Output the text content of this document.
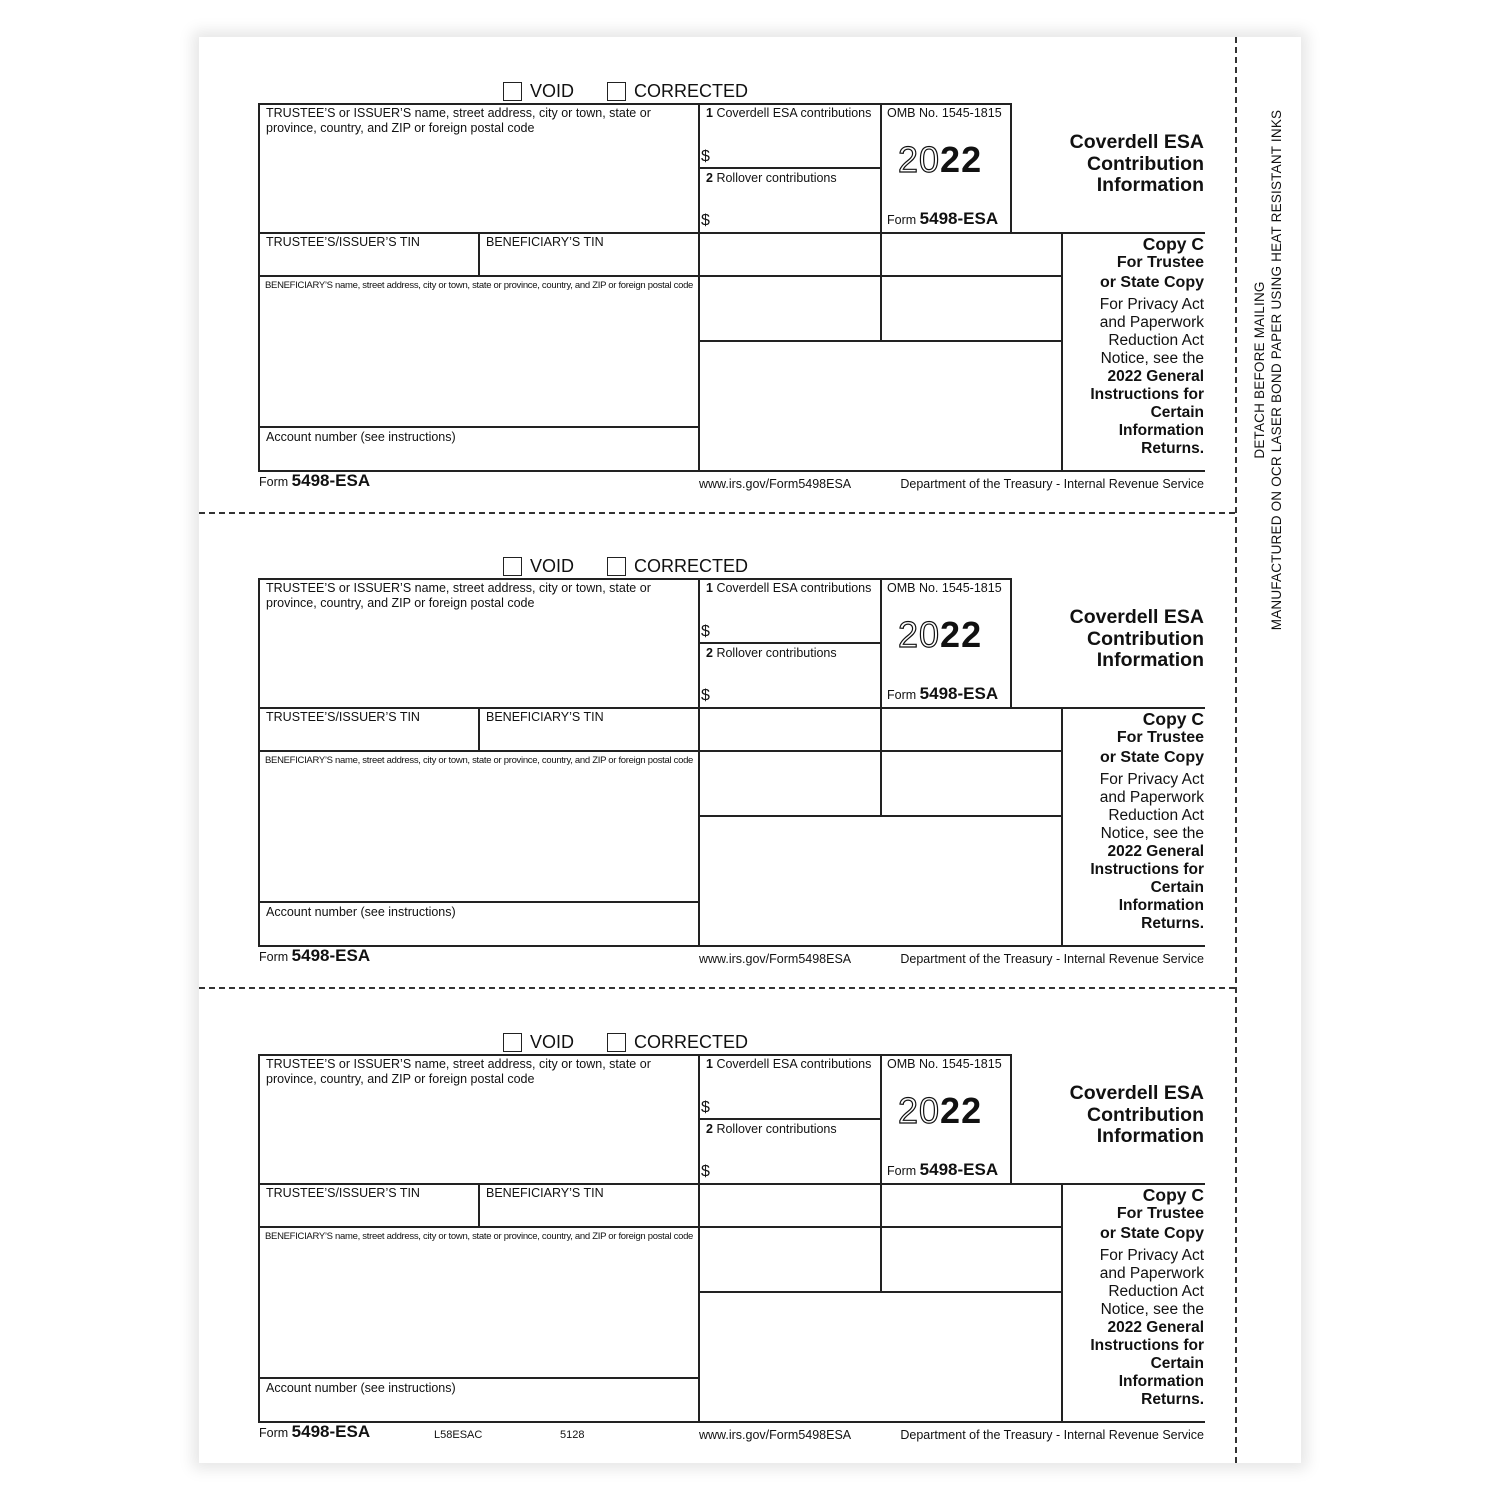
DETACH BEFORE MAILING MANUFACTURED ON OCR LASER BOND PAPER USING HEAT RESISTANT INKS
VOID	CORRECTED
TRUSTEE’S or ISSUER’S name, street address, city or town, state or province, country, and ZIP or foreign postal code
1 Coverdell ESA contributions
$
2 Rollover contributions
$
OMB No. 1545-1815
2022
Form 5498-ESA
Coverdell ESA
Contribution
Information
TRUSTEE’S/ISSUER’S TIN	BENEFICIARY’S TIN
BENEFICIARY’S name, street address, city or town, state or province, country, and ZIP or foreign postal code
Account number (see instructions)
Copy C
For Trustee
or State Copy
For Privacy Act
and Paperwork
Reduction Act
Notice, see the
2022 General
Instructions for
Certain
Information
Returns.
Form 5498-ESA	www.irs.gov/Form5498ESA	Department of the Treasury - Internal Revenue Service
VOID	CORRECTED
TRUSTEE’S or ISSUER’S name, street address, city or town, state or province, country, and ZIP or foreign postal code
1 Coverdell ESA contributions
$
2 Rollover contributions
$
OMB No. 1545-1815
2022
Form 5498-ESA
Coverdell ESA
Contribution
Information
TRUSTEE’S/ISSUER’S TIN	BENEFICIARY’S TIN
BENEFICIARY’S name, street address, city or town, state or province, country, and ZIP or foreign postal code
Account number (see instructions)
Copy C
For Trustee
or State Copy
For Privacy Act
and Paperwork
Reduction Act
Notice, see the
2022 General
Instructions for
Certain
Information
Returns.
Form 5498-ESA	www.irs.gov/Form5498ESA	Department of the Treasury - Internal Revenue Service
L58ESAC	5128
VOID	CORRECTED
TRUSTEE’S or ISSUER’S name, street address, city or town, state or province, country, and ZIP or foreign postal code
1 Coverdell ESA contributions
$
2 Rollover contributions
$
OMB No. 1545-1815
2022
Form 5498-ESA
Coverdell ESA
Contribution
Information
TRUSTEE’S/ISSUER’S TIN	BENEFICIARY’S TIN
BENEFICIARY’S name, street address, city or town, state or province, country, and ZIP or foreign postal code
Account number (see instructions)
Copy C
For Trustee
or State Copy
For Privacy Act
and Paperwork
Reduction Act
Notice, see the
2022 General
Instructions for
Certain
Information
Returns.
Form 5498-ESA	www.irs.gov/Form5498ESA	Department of the Treasury - Internal Revenue Service
